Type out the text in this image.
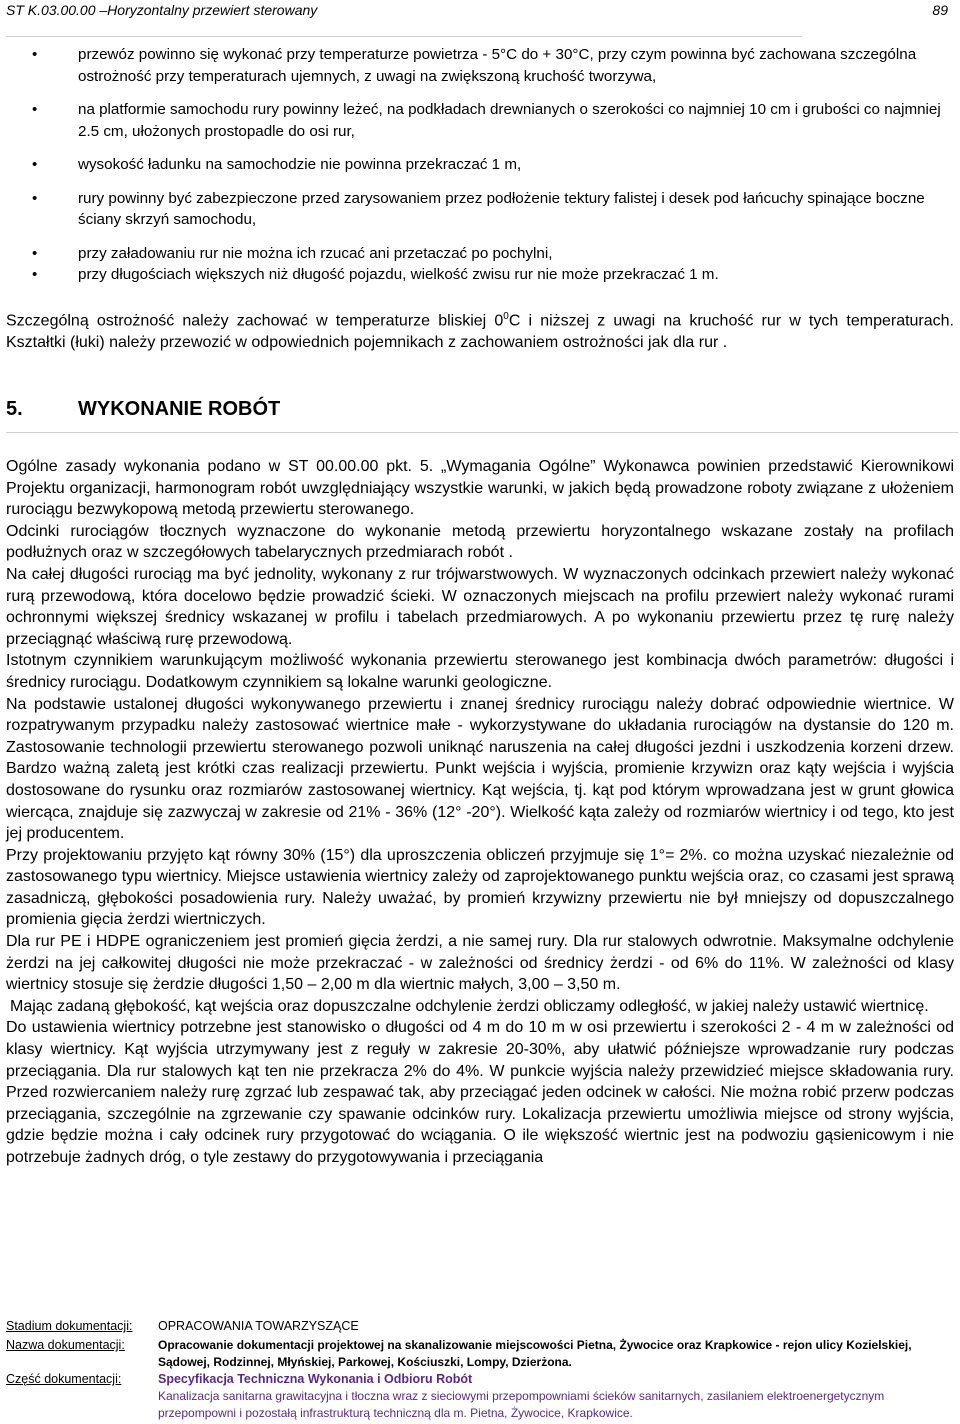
ST K.03.00.00 –Horyzontalny przewiert sterowany	89
•	przewóz powinno się wykonać przy temperaturze powietrza - 5°C do + 30°C, przy czym powinna być zachowana szczególna ostrożność przy temperaturach ujemnych, z uwagi na zwiększoną kruchość tworzywa,
•	na platformie samochodu rury powinny leżeć, na podkładach drewnianych o szerokości co najmniej 10 cm i grubości co najmniej 2.5 cm, ułożonych prostopadle do osi rur,
•	wysokość ładunku na samochodzie nie powinna przekraczać 1 m,
•	rury powinny być zabezpieczone przed zarysowaniem przez podłożenie tektury falistej i desek pod łańcuchy spinające boczne ściany skrzyń samochodu,
•	przy załadowaniu rur nie można ich rzucać ani przetaczać po pochylni,
•	przy długościach większych niż długość pojazdu, wielkość zwisu rur nie może przekraczać 1 m.

Szczególną ostrożność należy zachować w temperaturze bliskiej $0^0C$ i niższej z uwagi na kruchość rur w tych temperaturach. Kształtki (łuki) należy przewozić w odpowiednich pojemnikach z zachowaniem ostrożności jak dla rur .

5.	WYKONANIE ROBÓT

Ogólne zasady wykonania podano w ST 00.00.00 pkt. 5. „Wymagania Ogólne” Wykonawca powinien przedstawić Kierownikowi Projektu organizacji, harmonogram robót uwzględniający wszystkie warunki, w jakich będą prowadzone roboty związane z ułożeniem rurociągu bezwykopową metodą przewiertu sterowanego.

Odcinki rurociągów tłocznych wyznaczone do wykonanie metodą przewiertu horyzontalnego wskazane zostały na profilach podłużnych oraz w szczegółowych tabelarycznych przedmiarach robót .

Na całej długości rurociąg ma być jednolity, wykonany z rur trójwarstwowych. W wyznaczonych odcinkach przewiert należy wykonać rurą przewodową, która docelowo będzie prowadzić ścieki. W oznaczonych miejscach na profilu przewiert należy wykonać rurami ochronnymi większej średnicy wskazanej w profilu i tabelach przedmiarowych. A po wykonaniu przewiertu przez tę rurę należy przeciągnąć właściwą rurę przewodową.

Istotnym czynnikiem warunkującym możliwość wykonania przewiertu sterowanego jest kombinacja dwóch parametrów: długości i średnicy rurociągu. Dodatkowym czynnikiem są lokalne warunki geologiczne.

Na podstawie ustalonej długości wykonywanego przewiertu i znanej średnicy rurociągu należy dobrać odpowiednie wiertnice. W rozpatrywanym przypadku należy zastosować wiertnice małe - wykorzystywane do układania rurociągów na dystansie do 120 m. Zastosowanie technologii przewiertu sterowanego pozwoli uniknąć naruszenia na całej długości jezdni i uszkodzenia korzeni drzew. Bardzo ważną zaletą jest krótki czas realizacji przewiertu. Punkt wejścia i wyjścia, promienie krzywizn oraz kąty wejścia i wyjścia dostosowane do rysunku oraz rozmiarów zastosowanej wiertnicy. Kąt wejścia, tj. kąt pod którym wprowadzana jest w grunt głowica wiercąca, znajduje się zazwyczaj w zakresie od 21% - 36% (12° -20°). Wielkość kąta zależy od rozmiarów wiertnicy i od tego, kto jest jej producentem.

Przy projektowaniu przyjęto kąt równy 30% (15°) dla uproszczenia obliczeń przyjmuje się 1°= 2%. co można uzyskać niezależnie od zastosowanego typu wiertnicy. Miejsce ustawienia wiertnicy zależy od zaprojektowanego punktu wejścia oraz, co czasami jest sprawą zasadniczą, głębokości posadowienia rury. Należy uważać, by promień krzywizny przewiertu nie był mniejszy od dopuszczalnego promienia gięcia żerdzi wiertniczych.

Dla rur PE i HDPE ograniczeniem jest promień gięcia żerdzi, a nie samej rury. Dla rur stalowych odwrotnie. Maksymalne odchylenie żerdzi na jej całkowitej długości nie może przekraczać - w zależności od średnicy żerdzi - od 6% do 11%. W zależności od klasy wiertnicy stosuje się żerdzie długości 1,50 – 2,00 m dla wiertnic małych, 3,00 – 3,50 m.

Mając zadaną głębokość, kąt wejścia oraz dopuszczalne odchylenie żerdzi obliczamy odległość, w jakiej należy ustawić wiertnicę.

Do ustawienia wiertnicy potrzebne jest stanowisko o długości od 4 m do 10 m w osi przewiertu i szerokości 2 - 4 m w zależności od klasy wiertnicy. Kąt wyjścia utrzymywany jest z reguły w zakresie 20-30%, aby ułatwić późniejsze wprowadzanie rury podczas przeciągania. Dla rur stalowych kąt ten nie przekracza 2% do 4%. W punkcie wyjścia należy przewidzieć miejsce składowania rury. Przed rozwiercaniem należy rurę zgrzać lub zespawać tak, aby przeciągać jeden odcinek w całości. Nie można robić przerw podczas przeciągania, szczególnie na zgrzewanie czy spawanie odcinków rury. Lokalizacja przewiertu umożliwia miejsce od strony wyjścia, gdzie będzie można i cały odcinek rury przygotować do wciągania. O ile większość wiertnic jest na podwoziu gąsienicowym i nie potrzebuje żadnych dróg, o tyle zestawy do przygotowywania i przeciągania

Stadium dokumentacji: OPRACOWANIA TOWARZYSZĄCE
Nazwa dokumentacji:	Opracowanie dokumentacji projektowej na skanalizowanie miejscowości Pietna, Żywocice oraz Krapkowice - rejon ulicy Kozielskiej, Sądowej, Rodzinnej, Młyńskiej, Parkowej, Kościuszki, Lompy, Dzierżona.
Część dokumentacji:	Specyfikacja Techniczna Wykonania i Odbioru Robót
Kanalizacja sanitarna grawitacyjna i tłoczna wraz z sieciowymi przepompowniami ścieków sanitarnych, zasilaniem elektroenergetycznym przepompowni i pozostałą infrastrukturą techniczną dla m. Pietna, Żywocice, Krapkowice.
